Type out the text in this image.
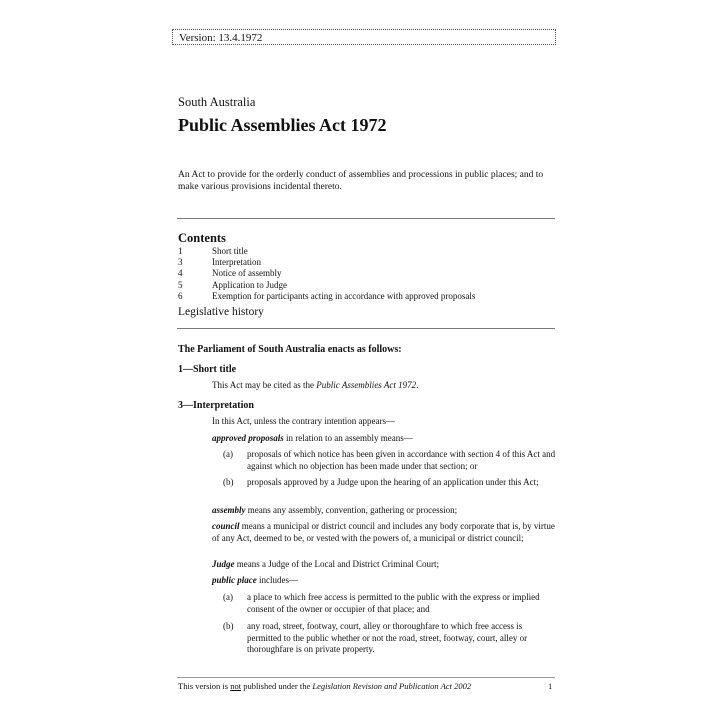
Version: 13.4.1972
South Australia
Public Assemblies Act 1972
An Act to provide for the orderly conduct of assemblies and processions in public places; and to make various provisions incidental thereto.
Contents
1	Short title
3	Interpretation
4	Notice of assembly
5	Application to Judge
6	Exemption for participants acting in accordance with approved proposals
Legislative history
The Parliament of South Australia enacts as follows:
1—Short title
This Act may be cited as the Public Assemblies Act 1972.
3—Interpretation
In this Act, unless the contrary intention appears—
approved proposals in relation to an assembly means—
(a)	proposals of which notice has been given in accordance with section 4 of this Act and against which no objection has been made under that section; or
(b)	proposals approved by a Judge upon the hearing of an application under this Act;
assembly means any assembly, convention, gathering or procession;
council means a municipal or district council and includes any body corporate that is, by virtue of any Act, deemed to be, or vested with the powers of, a municipal or district council;
Judge means a Judge of the Local and District Criminal Court;
public place includes—
(a)	a place to which free access is permitted to the public with the express or implied consent of the owner or occupier of that place; and
(b)	any road, street, footway, court, alley or thoroughfare to which free access is permitted to the public whether or not the road, street, footway, court, alley or thoroughfare is on private property.
This version is not published under the Legislation Revision and Publication Act 2002	1
